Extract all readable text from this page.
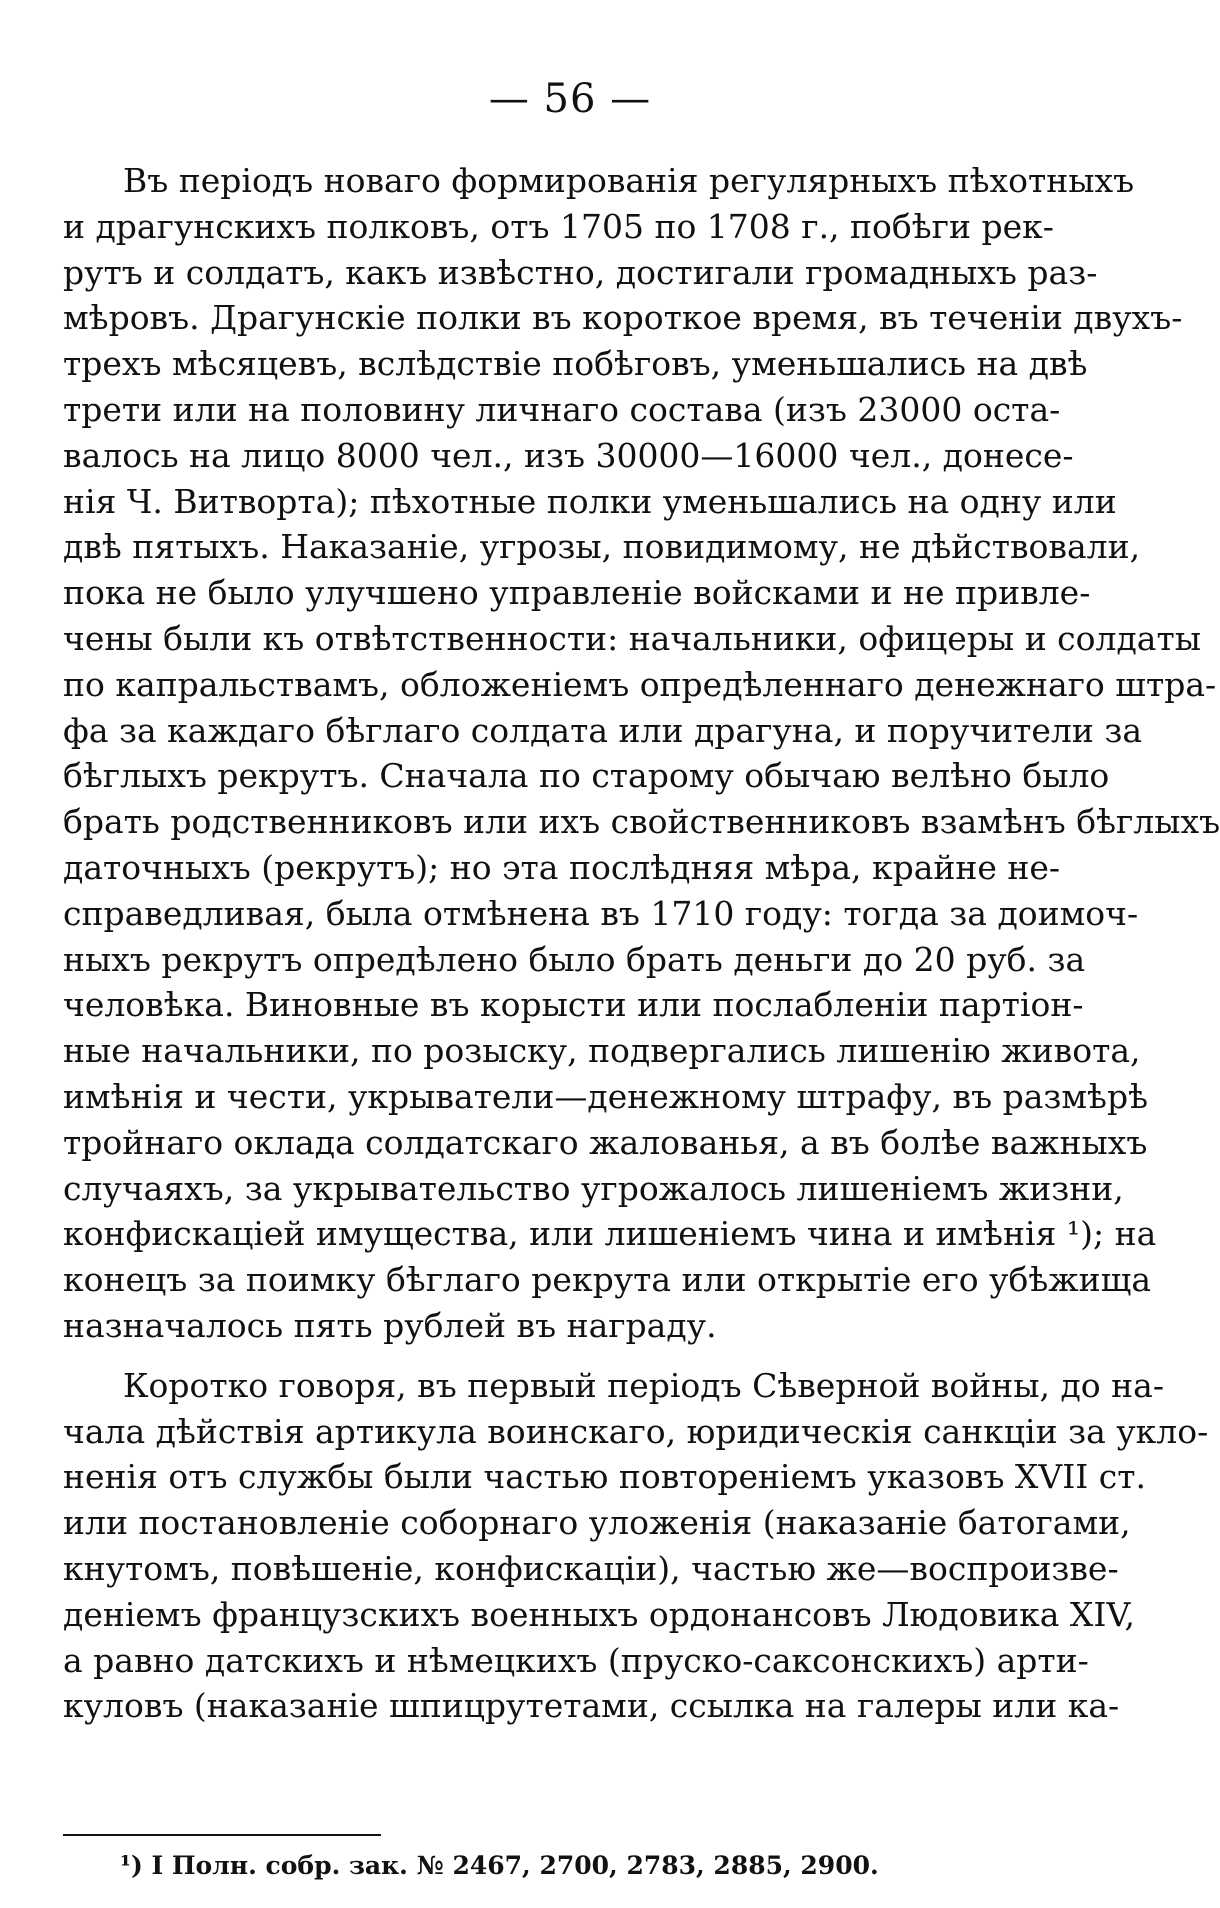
— 56 —
Въ періодъ новаго формированія регулярныхъ пѣхотныхъ
и драгунскихъ полковъ, отъ 1705 по 1708 г., побѣги рек-
рутъ и солдатъ, какъ извѣстно, достигали громадныхъ раз-
мѣровъ. Драгунскіе полки въ короткое время, въ теченіи двухъ-
трехъ мѣсяцевъ, вслѣдствіе побѣговъ, уменьшались на двѣ
трети или на половину личнаго состава (изъ 23000 оста-
валось на лицо 8000 чел., изъ 30000—16000 чел., донесе-
нія Ч. Витворта); пѣхотные полки уменьшались на одну или
двѣ пятыхъ. Наказаніе, угрозы, повидимому, не дѣйствовали,
пока не было улучшено управленіе войсками и не привле-
чены были къ отвѣтственности: начальники, офицеры и солдаты
по капральствамъ, обложеніемъ опредѣленнаго денежнаго штра-
фа за каждаго бѣглаго солдата или драгуна, и поручители за
бѣглыхъ рекрутъ. Сначала по старому обычаю велѣно было
брать родственниковъ или ихъ свойственниковъ взамѣнъ бѣглыхъ
даточныхъ (рекрутъ); но эта послѣдняя мѣра, крайне не-
справедливая, была отмѣнена въ 1710 году: тогда за доимоч-
ныхъ рекрутъ опредѣлено было брать деньги до 20 руб. за
человѣка. Виновные въ корысти или послабленіи партіон-
ные начальники, по розыску, подвергались лишенію живота,
имѣнія и чести, укрыватели—денежному штрафу, въ размѣрѣ
тройнаго оклада солдатскаго жалованья, а въ болѣе важныхъ
случаяхъ, за укрывательство угрожалось лишеніемъ жизни,
конфискаціей имущества, или лишеніемъ чина и имѣнія ¹); на
конецъ за поимку бѣглаго рекрута или открытіе его убѣжища
назначалось пять рублей въ награду.
Коротко говоря, въ первый періодъ Сѣверной войны, до на-
чала дѣйствія артикула воинскаго, юридическія санкціи за укло-
ненія отъ службы были частью повтореніемъ указовъ XVII ст.
или постановленіе соборнаго уложенія (наказаніе батогами,
кнутомъ, повѣшеніе, конфискаціи), частью же—воспроизве-
деніемъ французскихъ военныхъ ордонансовъ Людовика XIV,
а равно датскихъ и нѣмецкихъ (пруско-саксонскихъ) арти-
куловъ (наказаніе шпицрутетами, ссылка на галеры или ка-
¹) I Полн. собр. зак. № 2467, 2700, 2783, 2885, 2900.
